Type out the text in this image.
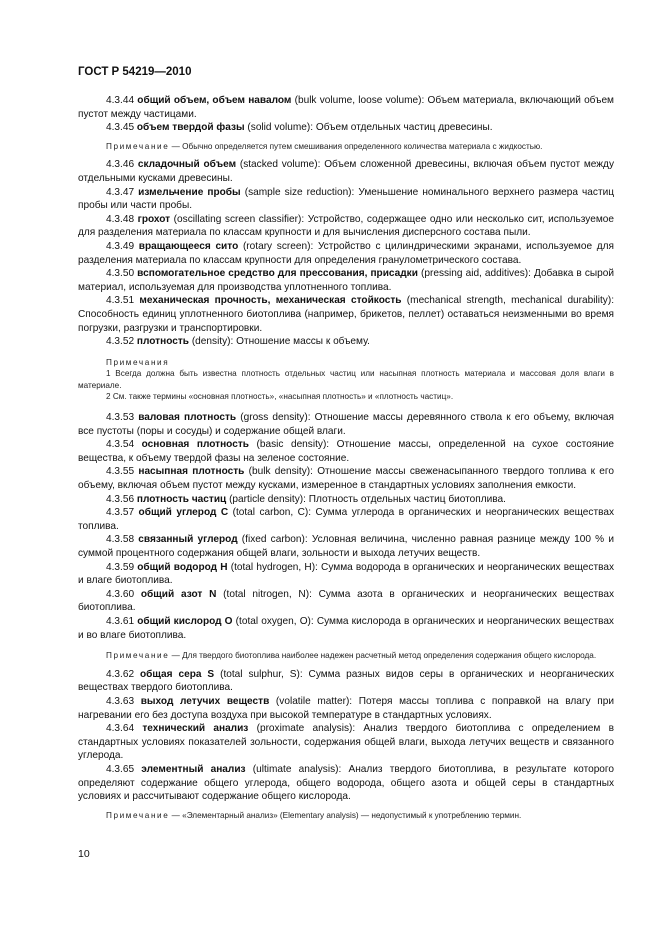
ГОСТ Р 54219—2010

4.3.44 общий объем, объем навалом (bulk volume, loose volume): Объем материала, включающий объем пустот между частицами.

4.3.45 объем твердой фазы (solid volume): Объем отдельных частиц древесины.

Примечание — Обычно определяется путем смешивания определенного количества материала с жидкостью.

4.3.46 складочный объем (stacked volume): Объем сложенной древесины, включая объем пустот между отдельными кусками древесины.

4.3.47 измельчение пробы (sample size reduction): Уменьшение номинального верхнего размера частиц пробы или части пробы.

4.3.48 грохот (oscillating screen classifier): Устройство, содержащее одно или несколько сит, используемое для разделения материала по классам крупности и для вычисления дисперсного состава пыли.

4.3.49 вращающееся сито (rotary screen): Устройство с цилиндрическими экранами, используемое для разделения материала по классам крупности для определения гранулометрического состава.

4.3.50 вспомогательное средство для прессования, присадки (pressing aid, additives): Добавка в сырой материал, используемая для производства уплотненного топлива.

4.3.51 механическая прочность, механическая стойкость (mechanical strength, mechanical durability): Способность единиц уплотненного биотоплива (например, брикетов, пеллет) оставаться неизменными во время погрузки, разгрузки и транспортировки.

4.3.52 плотность (density): Отношение массы к объему.

Примечания

1 Всегда должна быть известна плотность отдельных частиц или насыпная плотность материала и массовая доля влаги в материале.

2 См. также термины «основная плотность», «насыпная плотность» и «плотность частиц».

4.3.53 валовая плотность (gross density): Отношение массы деревянного ствола к его объему, включая все пустоты (поры и сосуды) и содержание общей влаги.

4.3.54 основная плотность (basic density): Отношение массы, определенной на сухое состояние вещества, к объему твердой фазы на зеленое состояние.

4.3.55 насыпная плотность (bulk density): Отношение массы свеженасыпанного твердого топлива к его объему, включая объем пустот между кусками, измеренное в стандартных условиях заполнения емкости.

4.3.56 плотность частиц (particle density): Плотность отдельных частиц биотоплива.

4.3.57 общий углерод С (total carbon, C): Сумма углерода в органических и неорганических веществах топлива.

4.3.58 связанный углерод (fixed carbon): Условная величина, численно равная разнице между 100 % и суммой процентного содержания общей влаги, зольности и выхода летучих веществ.

4.3.59 общий водород Н (total hydrogen, H): Сумма водорода в органических и неорганических веществах и влаге биотоплива.

4.3.60 общий азот N (total nitrogen, N): Сумма азота в органических и неорганических веществах биотоплива.

4.3.61 общий кислород О (total oxygen, O): Сумма кислорода в органических и неорганических веществах и во влаге биотоплива.

Примечание — Для твердого биотоплива наиболее надежен расчетный метод определения содержания общего кислорода.

4.3.62 общая сера S (total sulphur, S): Сумма разных видов серы в органических и неорганических веществах твердого биотоплива.

4.3.63 выход летучих веществ (volatile matter): Потеря массы топлива с поправкой на влагу при нагревании его без доступа воздуха при высокой температуре в стандартных условиях.

4.3.64 технический анализ (proximate analysis): Анализ твердого биотоплива с определением в стандартных условиях показателей зольности, содержания общей влаги, выхода летучих веществ и связанного углерода.

4.3.65 элементный анализ (ultimate analysis): Анализ твердого биотоплива, в результате которого определяют содержание общего углерода, общего водорода, общего азота и общей серы в стандартных условиях и рассчитывают содержание общего кислорода.

Примечание — «Элементарный анализ» (Elementary analysis) — недопустимый к употреблению термин.

10
